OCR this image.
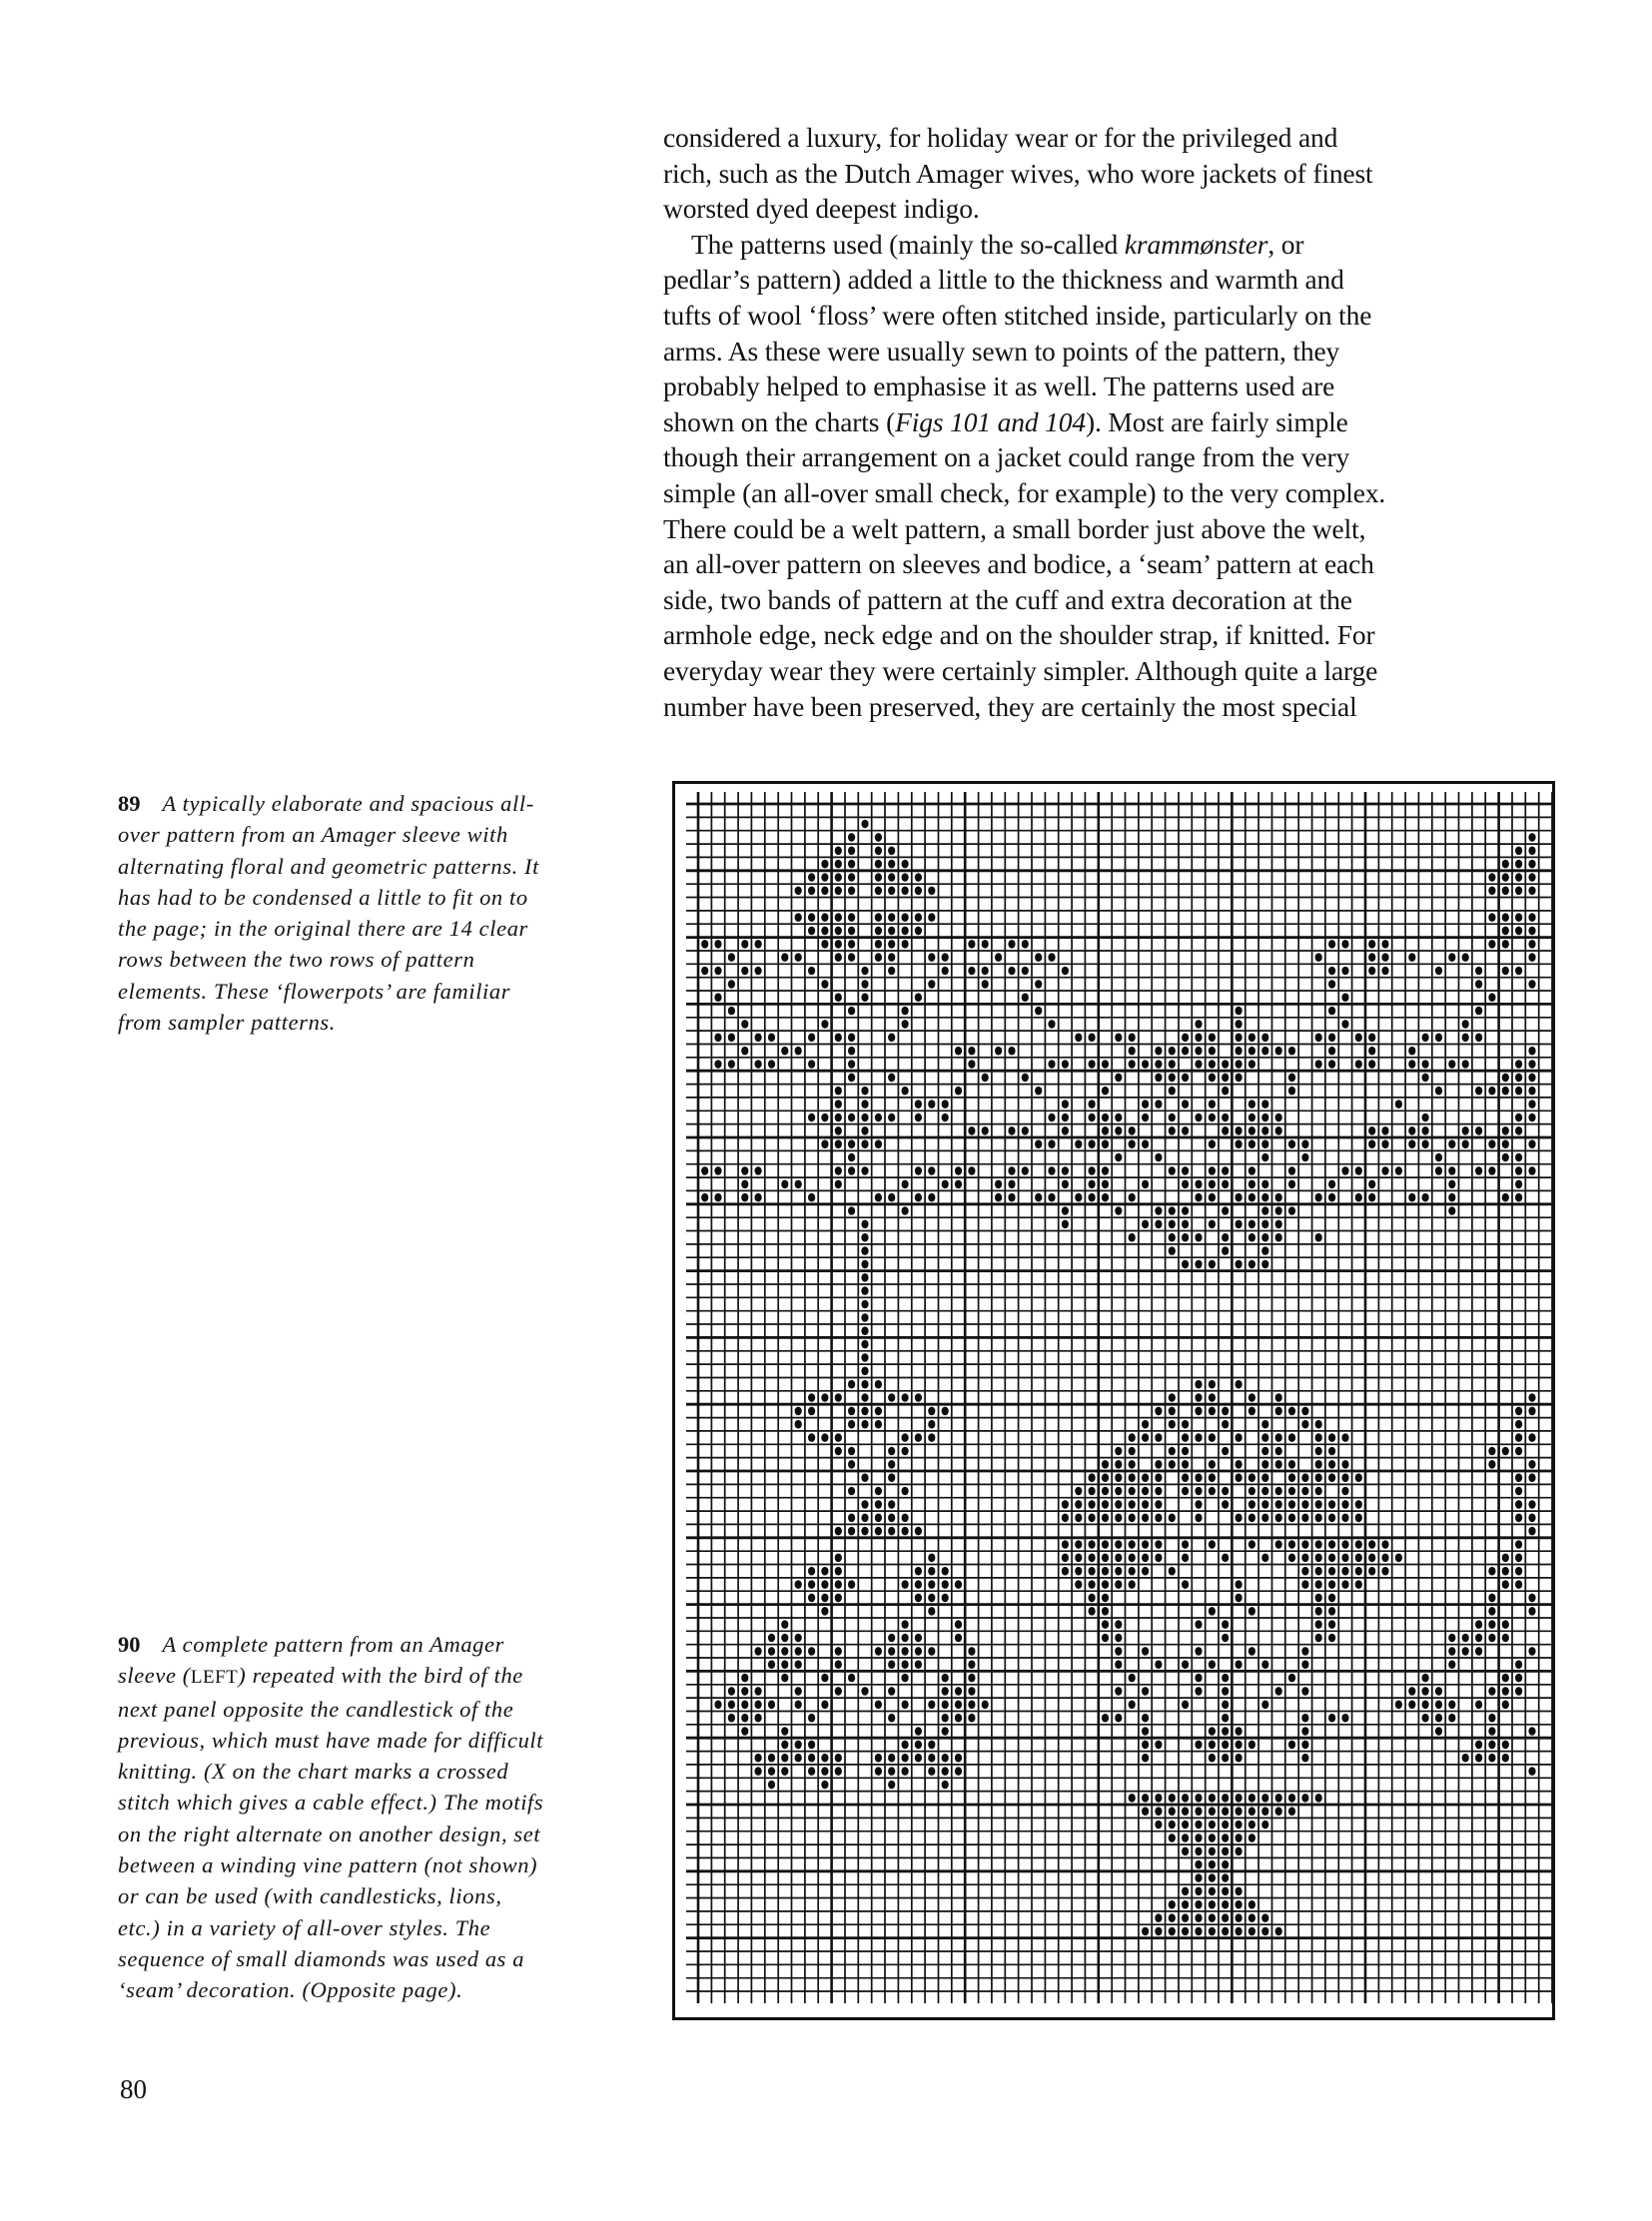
considered a luxury, for holiday wear or for the privileged and
rich, such as the Dutch Amager wives, who wore jackets of finest
worsted dyed deepest indigo.

The patterns used (mainly the so-called krammønster, or
pedlar’s pattern) added a little to the thickness and warmth and
tufts of wool ‘floss’ were often stitched inside, particularly on the
arms. As these were usually sewn to points of the pattern, they
probably helped to emphasise it as well. The patterns used are
shown on the charts (Figs 101 and 104). Most are fairly simple
though their arrangement on a jacket could range from the very
simple (an all-over small check, for example) to the very complex.
There could be a welt pattern, a small border just above the welt,
an all-over pattern on sleeves and bodice, a ‘seam’ pattern at each
side, two bands of pattern at the cuff and extra decoration at the
armhole edge, neck edge and on the shoulder strap, if knitted. For
everyday wear they were certainly simpler. Although quite a large
number have been preserved, they are certainly the most special

89 A typically elaborate and spacious all-
over pattern from an Amager sleeve with
alternating floral and geometric patterns. It
has had to be condensed a little to fit on to
the page; in the original there are 14 clear
rows between the two rows of pattern
elements. These ‘flowerpots’ are familiar
from sampler patterns.
90 A complete pattern from an Amager
sleeve (LEFT) repeated with the bird of the
next panel opposite the candlestick of the
previous, which must have made for difficult
knitting. (X on the chart marks a crossed
stitch which gives a cable effect.) The motifs
on the right alternate on another design, set
between a winding vine pattern (not shown)
or can be used (with candlesticks, lions,
etc.) in a variety of all-over styles. The
sequence of small diamonds was used as a
‘seam’ decoration. (Opposite page).
80
